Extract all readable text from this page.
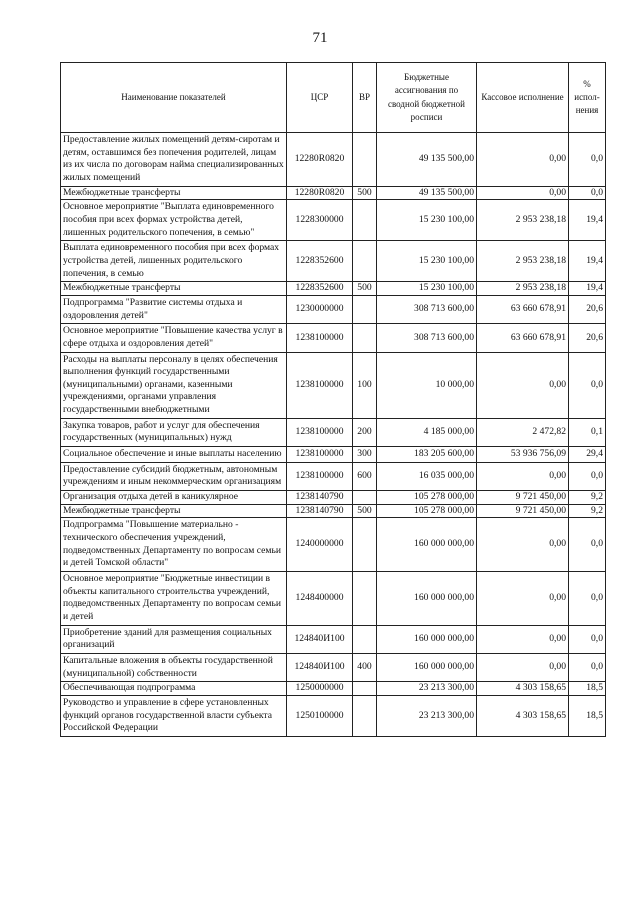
71
Наименование показателей	ЦСР	ВР	Бюджетные ассигнования по сводной бюджетной росписи	Кассовое исполнение	% испол-нения
Предоставление жилых помещений детям-сиротам и детям, оставшимся без попечения родителей, лицам из их числа по договорам найма специализированных жилых помещений	12280R0820		49 135 500,00	0,00	0,0
Межбюджетные трансферты	12280R0820	500	49 135 500,00	0,00	0,0
Основное мероприятие "Выплата единовременного пособия при всех формах устройства детей, лишенных родительского попечения, в семью"	1228300000		15 230 100,00	2 953 238,18	19,4
Выплата единовременного пособия при всех формах устройства детей, лишенных родительского попечения, в семью	1228352600		15 230 100,00	2 953 238,18	19,4
Межбюджетные трансферты	1228352600	500	15 230 100,00	2 953 238,18	19,4
Подпрограмма "Развитие системы отдыха и оздоровления детей"	1230000000		308 713 600,00	63 660 678,91	20,6
Основное мероприятие "Повышение качества услуг в сфере отдыха и оздоровления детей"	1238100000		308 713 600,00	63 660 678,91	20,6
Расходы на выплаты персоналу в целях обеспечения выполнения функций государственными (муниципальными) органами, казенными учреждениями, органами управления государственными внебюджетными	1238100000	100	10 000,00	0,00	0,0
Закупка товаров, работ и услуг для обеспечения государственных (муниципальных) нужд	1238100000	200	4 185 000,00	2 472,82	0,1
Социальное обеспечение и иные выплаты населению	1238100000	300	183 205 600,00	53 936 756,09	29,4
Предоставление субсидий бюджетным, автономным учреждениям и иным некоммерческим организациям	1238100000	600	16 035 000,00	0,00	0,0
Организация отдыха детей в каникулярное	1238140790		105 278 000,00	9 721 450,00	9,2
Межбюджетные трансферты	1238140790	500	105 278 000,00	9 721 450,00	9,2
Подпрограмма "Повышение материально - технического обеспечения учреждений, подведомственных Департаменту по вопросам семьи и детей Томской области"	1240000000		160 000 000,00	0,00	0,0
Основное мероприятие "Бюджетные инвестиции в объекты капитального строительства учреждений, подведомственных Департаменту по вопросам семьи и детей	1248400000		160 000 000,00	0,00	0,0
Приобретение зданий для размещения социальных организаций	124840И100		160 000 000,00	0,00	0,0
Капитальные вложения в объекты государственной (муниципальной) собственности	124840И100	400	160 000 000,00	0,00	0,0
Обеспечивающая подпрограмма	1250000000		23 213 300,00	4 303 158,65	18,5
Руководство и управление в сфере установленных функций органов государственной власти субъекта Российской Федерации	1250100000		23 213 300,00	4 303 158,65	18,5
